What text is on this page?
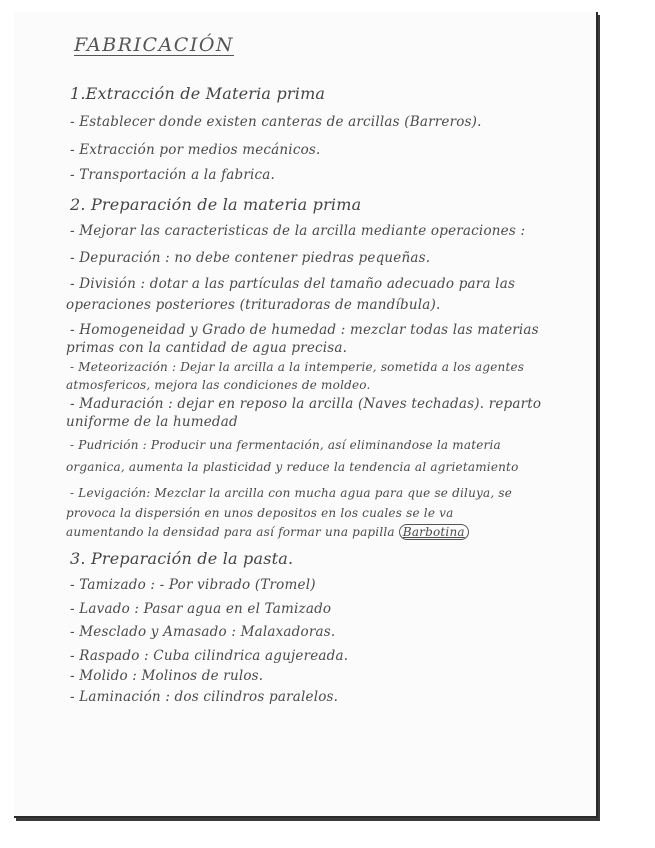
FABRICACIÓN
1.Extracción de Materia prima
- Establecer donde existen canteras de arcillas (Barreros).
- Extracción por medios mecánicos.
- Transportación a la fabrica.
2. Preparación de la materia prima
- Mejorar las caracteristicas de la arcilla mediante operaciones :
- Depuración : no debe contener piedras pequeñas.
- División : dotar a las partículas del tamaño adecuado para las
operaciones posteriores (trituradoras de mandíbula).
- Homogeneidad y Grado de humedad : mezclar todas las materias
primas con la cantidad de agua precisa.
- Meteorización : Dejar la arcilla a la intemperie, sometida a los agentes
atmosfericos, mejora las condiciones de moldeo.
- Maduración : dejar en reposo la arcilla (Naves techadas). reparto
uniforme de la humedad
- Pudrición : Producir una fermentación, así eliminandose la materia
organica, aumenta la plasticidad y reduce la tendencia al agrietamiento
- Levigación: Mezclar la arcilla con mucha agua para que se diluya, se
provoca la dispersión en unos depositos en los cuales se le va
aumentando la densidad para así formar una papilla Barbotina
3. Preparación de la pasta.
- Tamizado : - Por vibrado (Tromel)
- Lavado : Pasar agua en el Tamizado
- Mesclado y Amasado : Malaxadoras.
- Raspado : Cuba cilindrica agujereada.
- Molido : Molinos de rulos.
- Laminación : dos cilindros paralelos.
